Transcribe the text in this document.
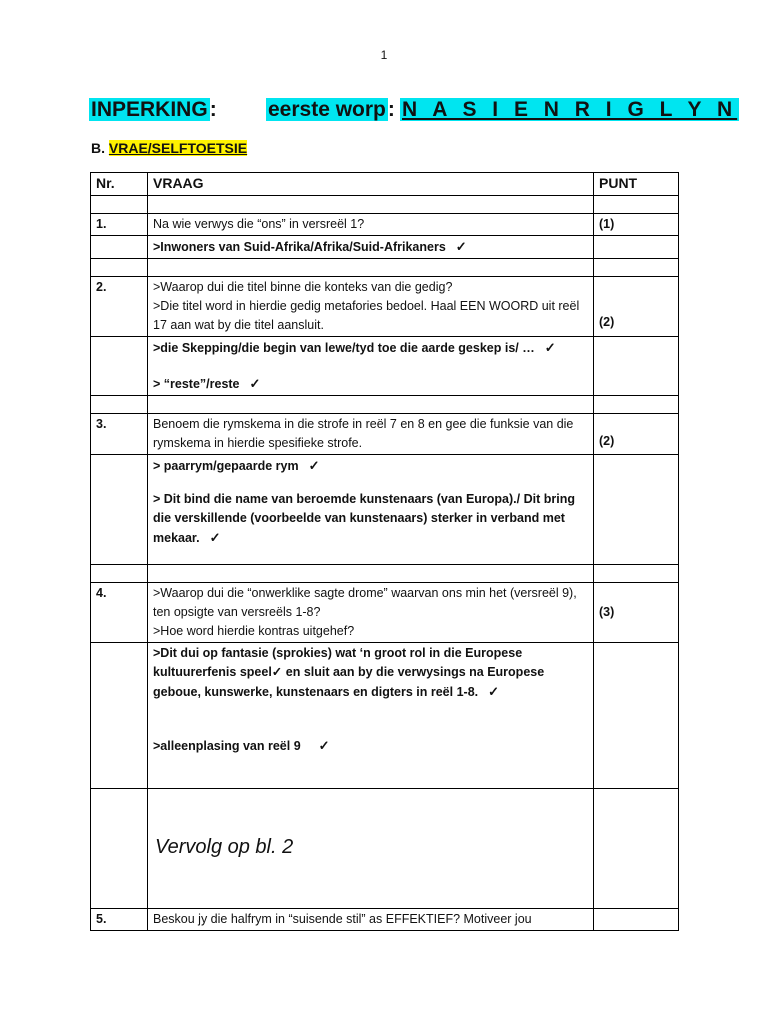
1
INPERKING: eerste worp: N A S I E N R I G L Y N
B. VRAE/SELFTOETSIE
Nr.	VRAAG	PUNT

1.	Na wie verwys die “ons” in versreël 1?	(1)
	>Inwoners van Suid-Afrika/Afrika/Suid-Afrikaners ✓	

2.	>Waarop dui die titel binne die konteks van die gedig?
>Die titel word in hierdie gedig metafories bedoel. Haal EEN WOORD uit reël 17 aan wat by die titel aansluit.	(2)

	>die Skepping/die begin van lewe/tyd toe die aarde geskep is/ … ✓
> “reste”/reste ✓	

3.	Benoem die rymskema in die strofe in reël 7 en 8 en gee die funksie van die rymskema in hierdie spesifieke strofe.	(2)

	> paarrym/gepaarde rym ✓
> Dit bind die name van beroemde kunstenaars (van Europa)./ Dit bring die verskillende (voorbeelde van kunstenaars) sterker in verband met mekaar. ✓	

4.	>Waarop dui die “onwerklike sagte drome” waarvan ons min het (versreël 9), ten opsigte van versreëls 1-8?
>Hoe word hierdie kontras uitgehef?	(3)

	>Dit dui op fantasie (sprokies) wat ‘n groot rol in die Europese kultuurerfenis speel✓ en sluit aan by die verwysings na Europese geboue, kunswerke, kunstenaars en digters in reël 1-8. ✓
>alleenplasing van reël 9 ✓	

	Vervolg op bl. 2	
5.	Beskou jy die halfrym in “suisende stil” as EFFEKTIEF? Motiveer jou	
